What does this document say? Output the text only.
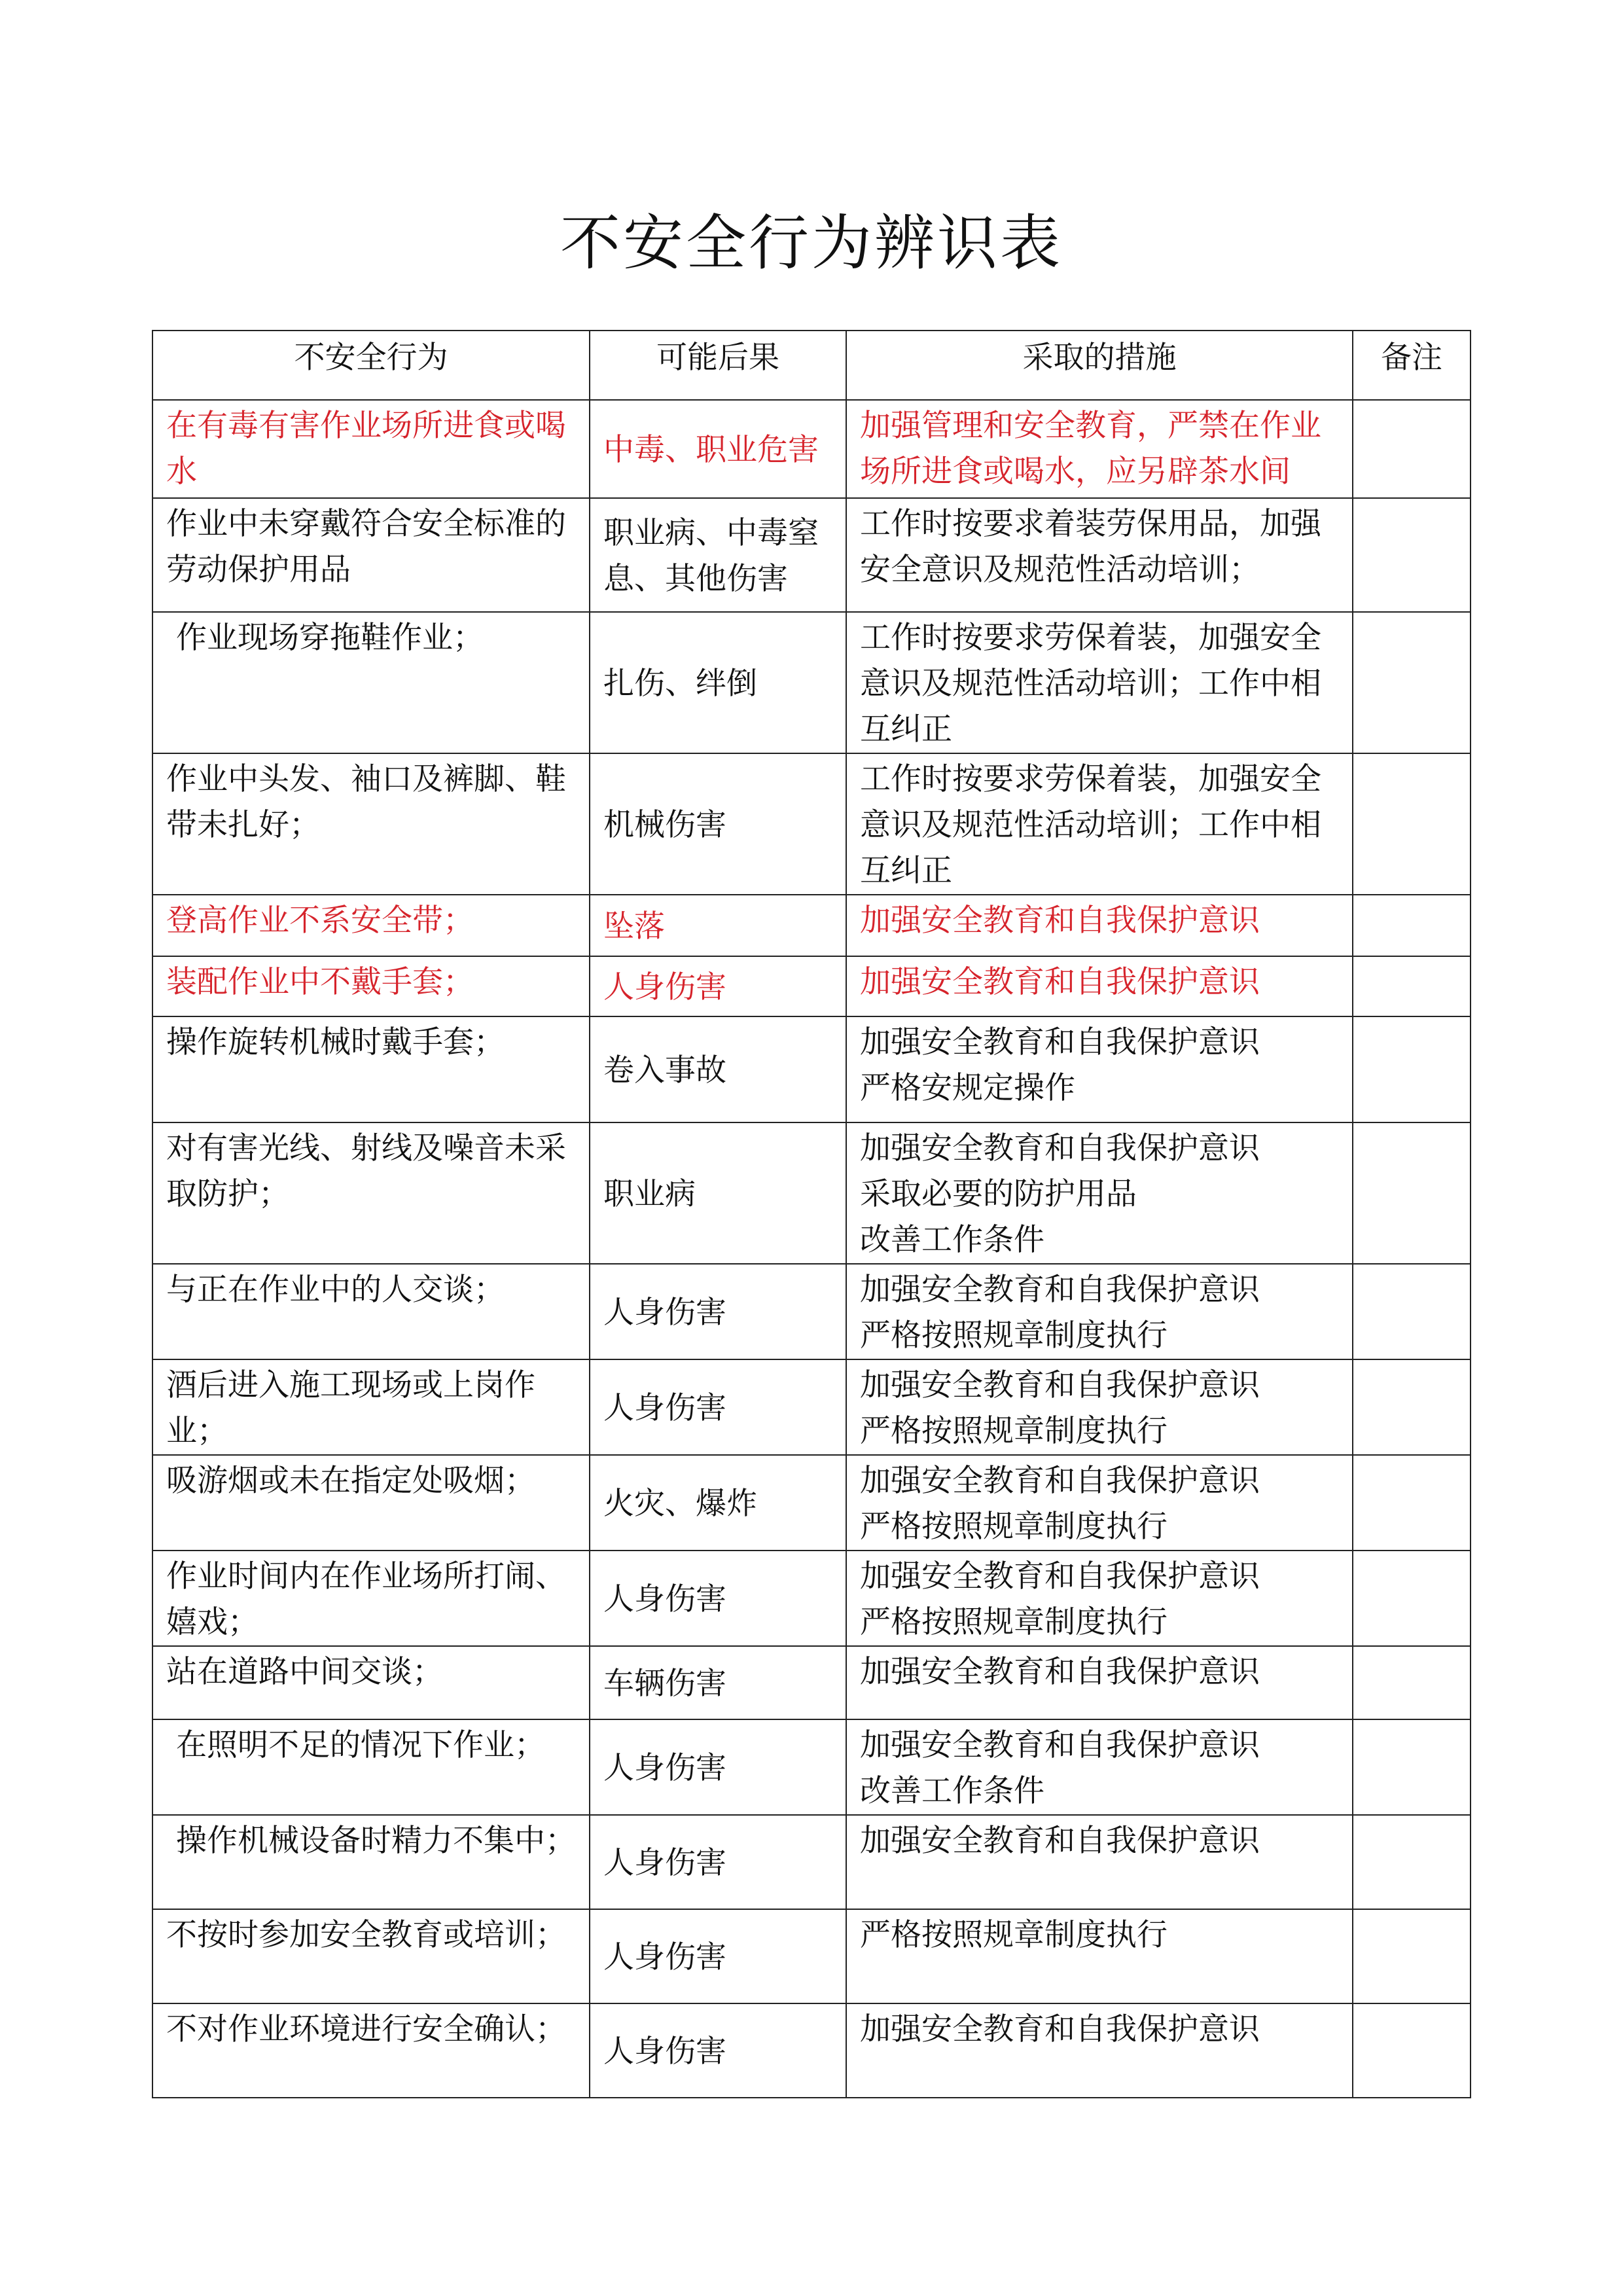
不安全行为辨识表
不安全行为	可能后果	采取的措施	备注
在有毒有害作业场所进食或喝水	中毒、职业危害	加强管理和安全教育，严禁在作业场所进食或喝水，应另辟茶水间	

作业中未穿戴符合安全标准的劳动保护用品	职业病、中毒窒息、其他伤害	工作时按要求着装劳保用品，加强安全意识及规范性活动培训；	

作业现场穿拖鞋作业；	扎伤、绊倒	工作时按要求劳保着装，加强安全意识及规范性活动培训；工作中相互纠正	

作业中头发、袖口及裤脚、鞋带未扎好；	机械伤害	工作时按要求劳保着装，加强安全意识及规范性活动培训；工作中相互纠正	

登高作业不系安全带；	坠落	加强安全教育和自我保护意识	

装配作业中不戴手套；	人身伤害	加强安全教育和自我保护意识	

操作旋转机械时戴手套；	卷入事故	加强安全教育和自我保护意识
严格安规定操作	

对有害光线、射线及噪音未采取防护；	职业病	加强安全教育和自我保护意识
采取必要的防护用品
改善工作条件	

与正在作业中的人交谈；	人身伤害	加强安全教育和自我保护意识
严格按照规章制度执行	

酒后进入施工现场或上岗作业；	人身伤害	加强安全教育和自我保护意识
严格按照规章制度执行	

吸游烟或未在指定处吸烟；	火灾、爆炸	加强安全教育和自我保护意识
严格按照规章制度执行	

作业时间内在作业场所打闹、嬉戏；	人身伤害	加强安全教育和自我保护意识
严格按照规章制度执行	

站在道路中间交谈；	车辆伤害	加强安全教育和自我保护意识	

在照明不足的情况下作业；	人身伤害	加强安全教育和自我保护意识
改善工作条件	

操作机械设备时精力不集中；	人身伤害	加强安全教育和自我保护意识	

不按时参加安全教育或培训；	人身伤害	严格按照规章制度执行	

不对作业环境进行安全确认；	人身伤害	加强安全教育和自我保护意识	
